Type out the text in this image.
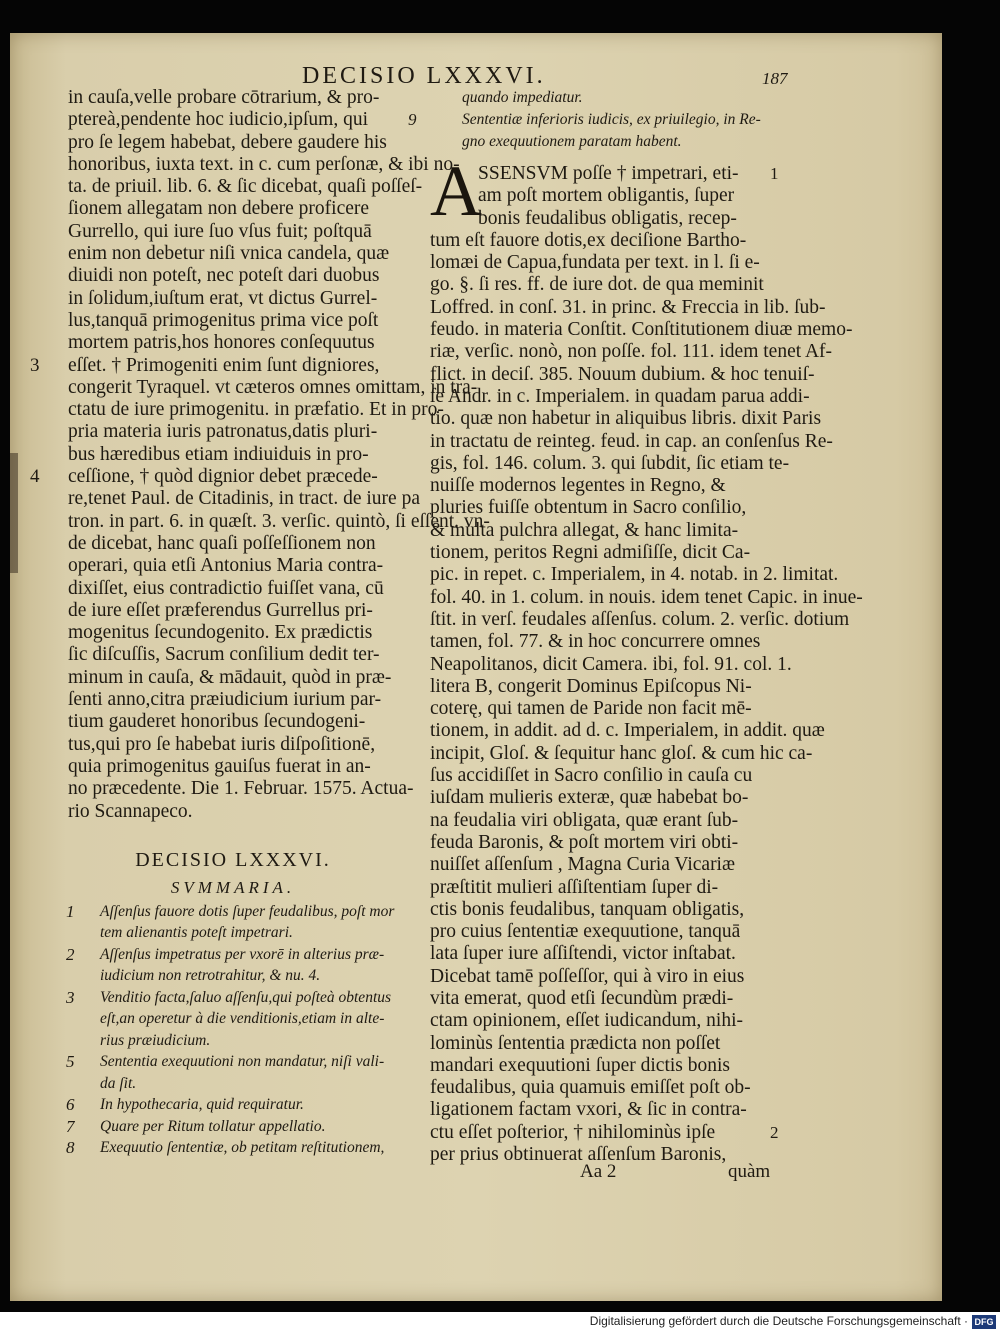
DECISIO LXXXVI.	187
in cauſa,velle probare cōtrarium, & pro-
ptereà,pendente hoc iudicio,ipſum, qui
pro ſe legem habebat, debere gaudere his
honoribus, iuxta text. in c. cum perſonæ, & ibi no-
ta. de priuil. lib. 6. & ſic dicebat, quaſi poſſeſ-
ſionem allegatam non debere proficere
Gurrello, qui iure ſuo vſus fuit; poſtquā
enim non debetur niſi vnica candela, quæ
diuidi non poteſt, nec poteſt dari duobus
in ſolidum,iuſtum erat, vt dictus Gurrel-
lus,tanquā primogenitus prima vice poſt
mortem patris,hos honores conſequutus
eſſet. † Primogeniti enim ſunt digniores,
3
congerit Tyraquel. vt cæteros omnes omittam, in tra-
ctatu de iure primogenitu. in præfatio. Et in pro-
pria materia iuris patronatus,datis pluri-
bus hæredibus etiam indiuiduis in pro-
ceſſione, † quòd dignior debet præcede-
4
re,tenet Paul. de Citadinis, in tract. de iure pa
tron. in part. 6. in quæſt. 3. verſic. quintò, ſi eſſent. vn-
de dicebat, hanc quaſi poſſeſſionem non
operari, quia etſi Antonius Maria contra-
dixiſſet, eius contradictio fuiſſet vana, cū
de iure eſſet præferendus Gurrellus pri-
mogenitus ſecundogenito. Ex prædictis
ſic diſcuſſis, Sacrum conſilium dedit ter-
minum in cauſa, & mādauit, quòd in præ-
ſenti anno,citra præiudicium iurium par-
tium gauderet honoribus ſecundogeni-
tus,qui pro ſe habebat iuris diſpoſitionē,
quia primogenitus gauiſus fuerat in an-
no præcedente. Die 1. Februar. 1575. Actua-
rio Scannapeco.
DECISIO LXXXVI.
SVMMARIA.
1 Aſſenſus fauore dotis ſuper feudalibus, poſt mor
tem alienantis poteſt impetrari.
2 Aſſenſus impetratus per vxorē in alterius præ-
iudicium non retrotrahitur, & nu. 4.
3 Venditio facta,ſaluo aſſenſu,qui poſteà obtentus
eſt,an operetur à die venditionis,etiam in alte-
rius præiudicium.
5 Sententia exequutioni non mandatur, niſi vali-
da ſit.
6 In hypothecaria, quid requiratur.
7 Quare per Ritum tollatur appellatio.
8 Exequutio ſententiæ, ob petitam reſtitutionem,
quando impediatur.
9	Sententiæ inferioris iudicis, ex priuilegio, in Re-
gno exequutionem paratam habent.
A
SSENSVM poſſe † impetrari, eti- 1
am poſt mortem obligantis, ſuper
bonis feudalibus obligatis, recep-
tum eſt fauore dotis,ex deciſione Bartho-
lomæi de Capua,fundata per text. in l. ſi e-
go. §. ſi res. ff. de iure dot. de qua meminit
Loffred. in conſ. 31. in princ. & Freccia in lib. ſub-
feudo. in materia Conſtit. Conſtitutionem diuæ memo-
riæ, verſic. nonò, non poſſe. fol. 111. idem tenet Af-
flict. in deciſ. 385. Nouum dubium. & hoc tenuiſ-
ſe Andr. in c. Imperialem. in quadam parua addi-
tio. quæ non habetur in aliquibus libris. dixit Paris
in tractatu de reinteg. feud. in cap. an conſenſus Re-
gis, fol. 146. colum. 3. qui ſubdit, ſic etiam te-
nuiſſe modernos legentes in Regno, &
pluries fuiſſe obtentum in Sacro conſilio,
& multa pulchra allegat, & hanc limita-
tionem, peritos Regni admiſiſſe, dicit Ca-
pic. in repet. c. Imperialem, in 4. notab. in 2. limitat.
fol. 40. in 1. colum. in nouis. idem tenet Capic. in inue-
ſtit. in verſ. feudales aſſenſus. colum. 2. verſic. dotium
tamen, fol. 77. & in hoc concurrere omnes
Neapolitanos, dicit Camera. ibi, fol. 91. col. 1.
litera B, congerit Dominus Epiſcopus Ni-
coterę, qui tamen de Paride non facit mē-
tionem, in addit. ad d. c. Imperialem, in addit. quæ
incipit, Gloſ. & ſequitur hanc gloſ. & cum hic ca-
ſus accidiſſet in Sacro conſilio in cauſa cu
iuſdam mulieris exteræ, quæ habebat bo-
na feudalia viri obligata, quæ erant ſub-
feuda Baronis, & poſt mortem viri obti-
nuiſſet aſſenſum , Magna Curia Vicariæ
præſtitit mulieri aſſiſtentiam ſuper di-
ctis bonis feudalibus, tanquam obligatis,
pro cuius ſententiæ exequutione, tanquā
lata ſuper iure aſſiſtendi, victor inſtabat.
Dicebat tamē poſſeſſor, qui à viro in eius
vita emerat, quod etſi ſecundùm prædi-
ctam opinionem, eſſet iudicandum, nihi-
lominùs ſententia prædicta non poſſet
mandari exequutioni ſuper dictis bonis
feudalibus, quia quamuis emiſſet poſt ob-
ligationem factam vxori, & ſic in contra-
ctu eſſet poſterior, † nihilominùs ipſe	2
per prius obtinuerat aſſenſum Baronis,
Aa 2	quàm
Digitalisierung gefördert durch die Deutsche Forschungsgemeinschaft · DFG
